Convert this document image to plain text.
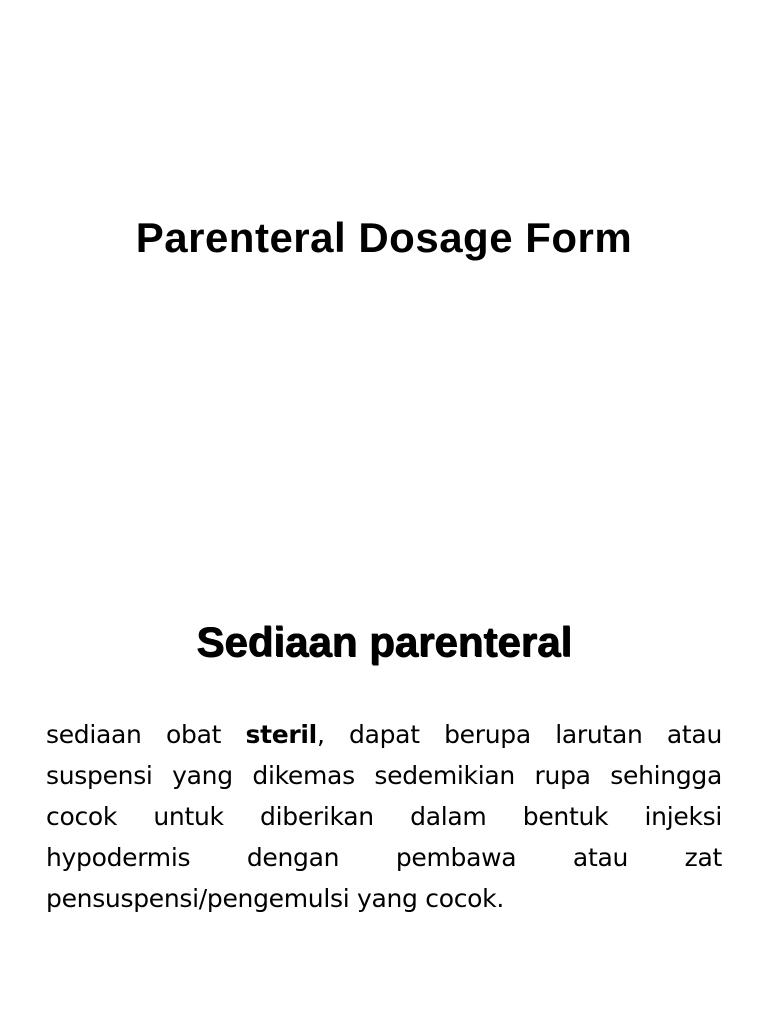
Parenteral Dosage Form
Sediaan parenteral

sediaan obat steril, dapat berupa larutan atau suspensi yang dikemas sedemikian rupa sehingga cocok untuk diberikan dalam bentuk injeksi hypodermis dengan pembawa atau zat pensuspensi/pengemulsi yang cocok.
